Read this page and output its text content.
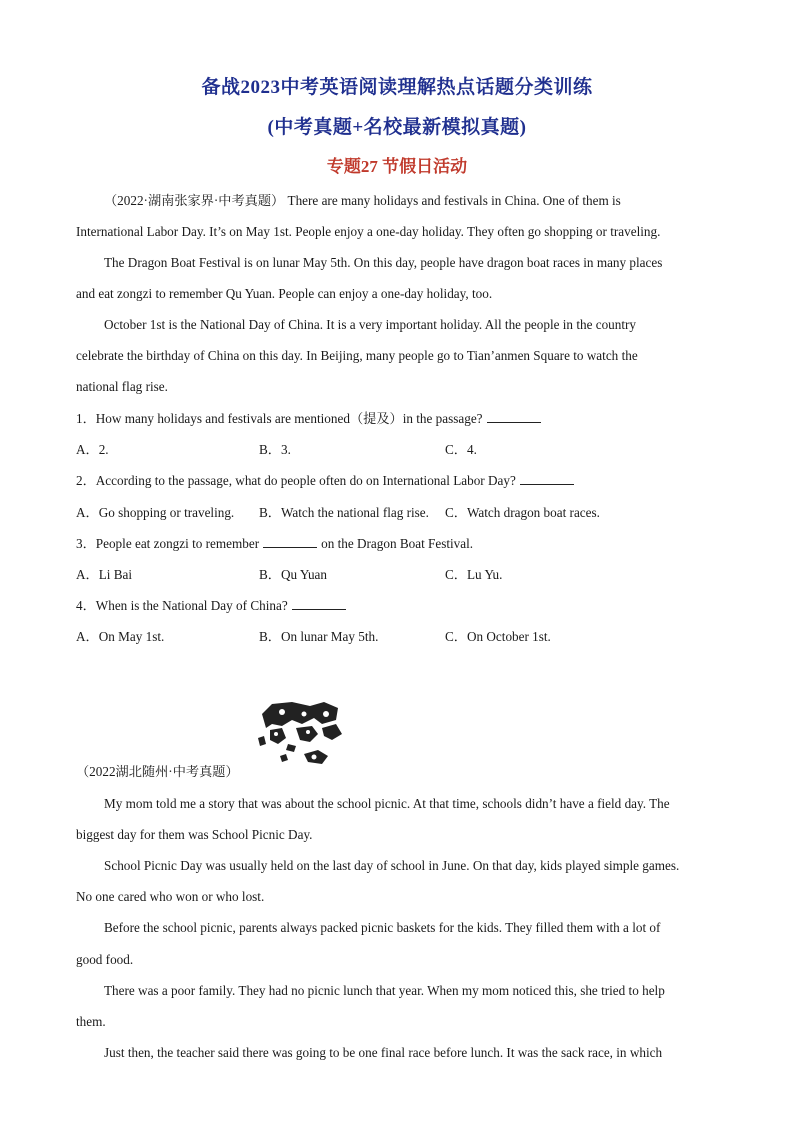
备战2023中考英语阅读理解热点话题分类训练
(中考真题+名校最新模拟真题)
专题27 节假日活动
（2022·湖南张家界·中考真题） There are many holidays and festivals in China. One of them is
International Labor Day. It’s on May 1st. People enjoy a one-day holiday. They often go shopping or traveling.
The Dragon Boat Festival is on lunar May 5th. On this day, people have dragon boat races in many places
and eat zongzi to remember Qu Yuan. People can enjoy a one-day holiday, too.
October 1st is the National Day of China. It is a very important holiday. All the people in the country
celebrate the birthday of China on this day. In Beijing, many people go to Tian’anmen Square to watch the
national flag rise.
1．How many holidays and festivals are mentioned（提及）in the passage?
A．2.	B．3.	C．4.
2．According to the passage, what do people often do on International Labor Day?
A．Go shopping or traveling. B．Watch the national flag rise. C．Watch dragon boat races.
3．People eat zongzi to remember	on the Dragon Boat Festival.
A．Li Bai	B．Qu Yuan	C．Lu Yu.
4．When is the National Day of China?
A．On May 1st.	B．On lunar May 5th.	C．On October 1st.
（2022湖北随州·中考真题）
My mom told me a story that was about the school picnic. At that time, schools didn’t have a field day. The
biggest day for them was School Picnic Day.
School Picnic Day was usually held on the last day of school in June. On that day, kids played simple games.
No one cared who won or who lost.
Before the school picnic, parents always packed picnic baskets for the kids. They filled them with a lot of
good food.
There was a poor family. They had no picnic lunch that year. When my mom noticed this, she tried to help
them.
Just then, the teacher said there was going to be one final race before lunch. It was the sack race, in which
